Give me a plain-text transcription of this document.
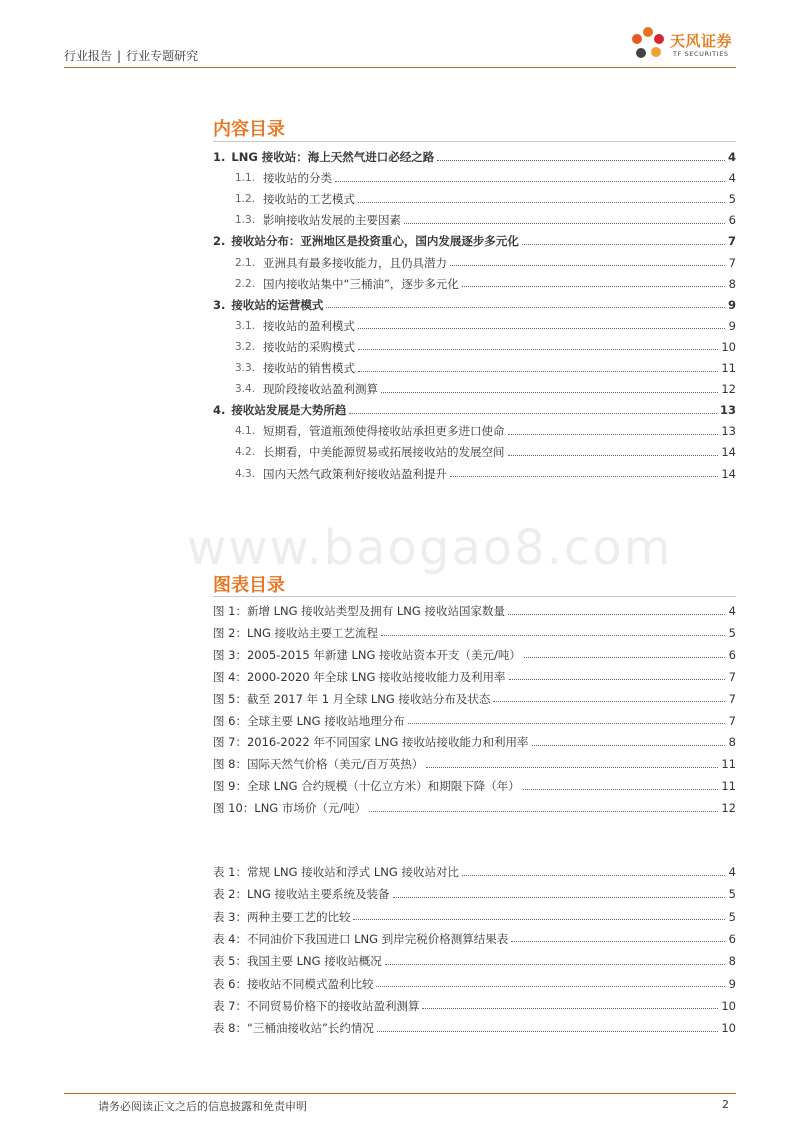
行业报告 | 行业专题研究
天风证券
TF SECURITIES
内容目录
1. LNG 接收站：海上天然气进口必经之路	4
1.1. 接收站的分类	4
1.2. 接收站的工艺模式	5
1.3. 影响接收站发展的主要因素	6
2. 接收站分布：亚洲地区是投资重心，国内发展逐步多元化	7
2.1. 亚洲具有最多接收能力，且仍具潜力	7
2.2. 国内接收站集中“三桶油”，逐步多元化	8
3. 接收站的运营模式	9
3.1. 接收站的盈利模式	9
3.2. 接收站的采购模式	10
3.3. 接收站的销售模式	11
3.4. 现阶段接收站盈利测算	12
4. 接收站发展是大势所趋	13
4.1. 短期看，管道瓶颈使得接收站承担更多进口使命	13
4.2. 长期看，中美能源贸易或拓展接收站的发展空间	14
4.3. 国内天然气政策利好接收站盈利提升	14
www.baogao8.com
图表目录
图 1： 新增 LNG 接收站类型及拥有 LNG 接收站国家数量	4
图 2： LNG 接收站主要工艺流程	5
图 3： 2005-2015 年新建 LNG 接收站资本开支（美元/吨）	6
图 4： 2000-2020 年全球 LNG 接收站接收能力及利用率	7
图 5： 截至 2017 年 1 月全球 LNG 接收站分布及状态	7
图 6： 全球主要 LNG 接收站地理分布	7
图 7： 2016-2022 年不同国家 LNG 接收站接收能力和利用率	8
图 8： 国际天然气价格（美元/百万英热）	11
图 9： 全球 LNG 合约规模（十亿立方米）和期限下降（年）	11
图 10： LNG 市场价（元/吨）	12
表 1： 常规 LNG 接收站和浮式 LNG 接收站对比	4
表 2： LNG 接收站主要系统及装备	5
表 3： 两种主要工艺的比较	5
表 4： 不同油价下我国进口 LNG 到岸完税价格测算结果表	6
表 5： 我国主要 LNG 接收站概况	8
表 6： 接收站不同模式盈利比较	9
表 7： 不同贸易价格下的接收站盈利测算	10
表 8： “三桶油接收站”长约情况	10
请务必阅读正文之后的信息披露和免责申明	2
